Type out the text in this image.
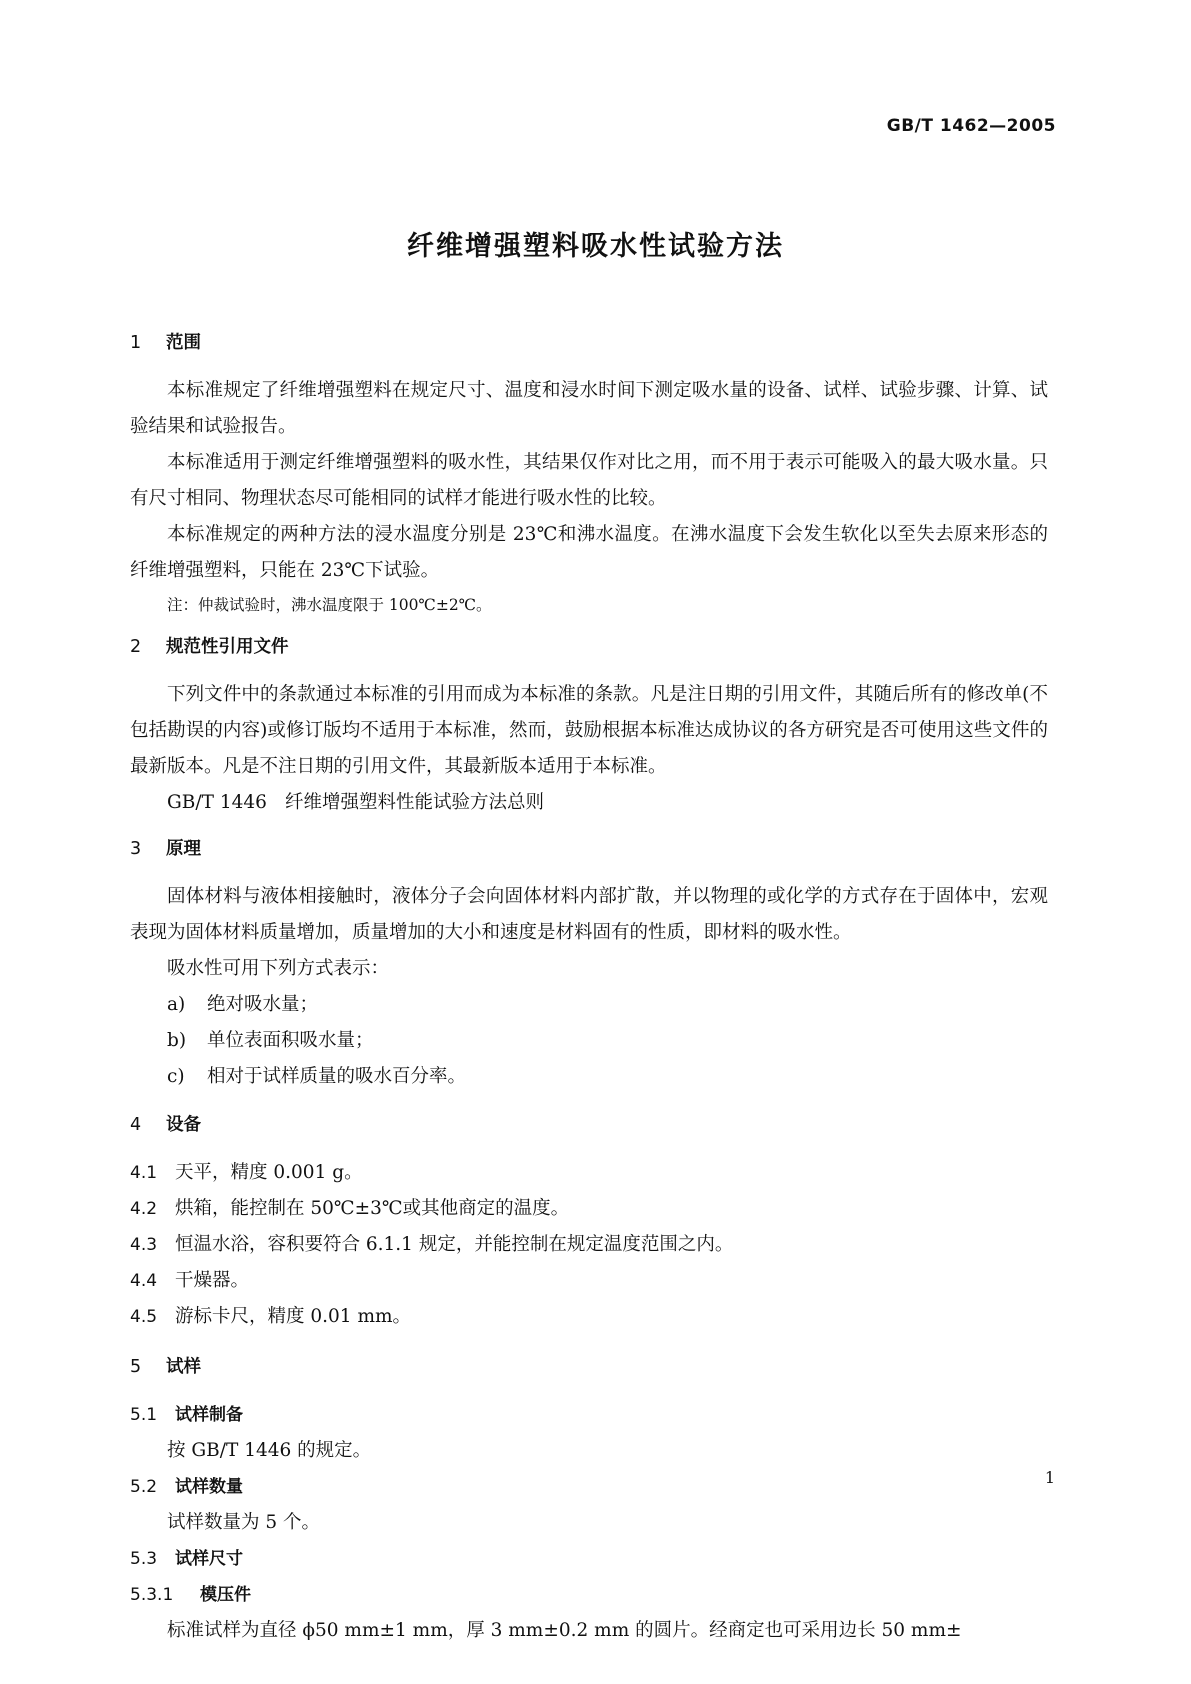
GB/T 1462—2005
纤维增强塑料吸水性试验方法
1 范围

本标准规定了纤维增强塑料在规定尺寸、温度和浸水时间下测定吸水量的设备、试样、试验步骤、计算、试验结果和试验报告。

本标准适用于测定纤维增强塑料的吸水性，其结果仅作对比之用，而不用于表示可能吸入的最大吸水量。只有尺寸相同、物理状态尽可能相同的试样才能进行吸水性的比较。

本标准规定的两种方法的浸水温度分别是 23℃和沸水温度。在沸水温度下会发生软化以至失去原来形态的纤维增强塑料，只能在 23℃下试验。

注：仲裁试验时，沸水温度限于 100℃±2℃。

2 规范性引用文件

下列文件中的条款通过本标准的引用而成为本标准的条款。凡是注日期的引用文件，其随后所有的修改单(不包括勘误的内容)或修订版均不适用于本标准，然而，鼓励根据本标准达成协议的各方研究是否可使用这些文件的最新版本。凡是不注日期的引用文件，其最新版本适用于本标准。

GB/T 1446 纤维增强塑料性能试验方法总则
3 原理

固体材料与液体相接触时，液体分子会向固体材料内部扩散，并以物理的或化学的方式存在于固体中，宏观表现为固体材料质量增加，质量增加的大小和速度是材料固有的性质，即材料的吸水性。

吸水性可用下列方式表示：

a) 绝对吸水量；
b) 单位表面积吸水量；
c) 相对于试样质量的吸水百分率。
4 设备
4.1 天平，精度 0.001 g。
4.2 烘箱，能控制在 50℃±3℃或其他商定的温度。
4.3 恒温水浴，容积要符合 6.1.1 规定，并能控制在规定温度范围之内。
4.4 干燥器。
4.5 游标卡尺，精度 0.01 mm。
5 试样
5.1 试样制备

按 GB/T 1446 的规定。

5.2 试样数量

试样数量为 5 个。

5.3 试样尺寸
5.3.1 模压件

标准试样为直径 ϕ50 mm±1 mm，厚 3 mm±0.2 mm 的圆片。经商定也可采用边长 50 mm±

1
